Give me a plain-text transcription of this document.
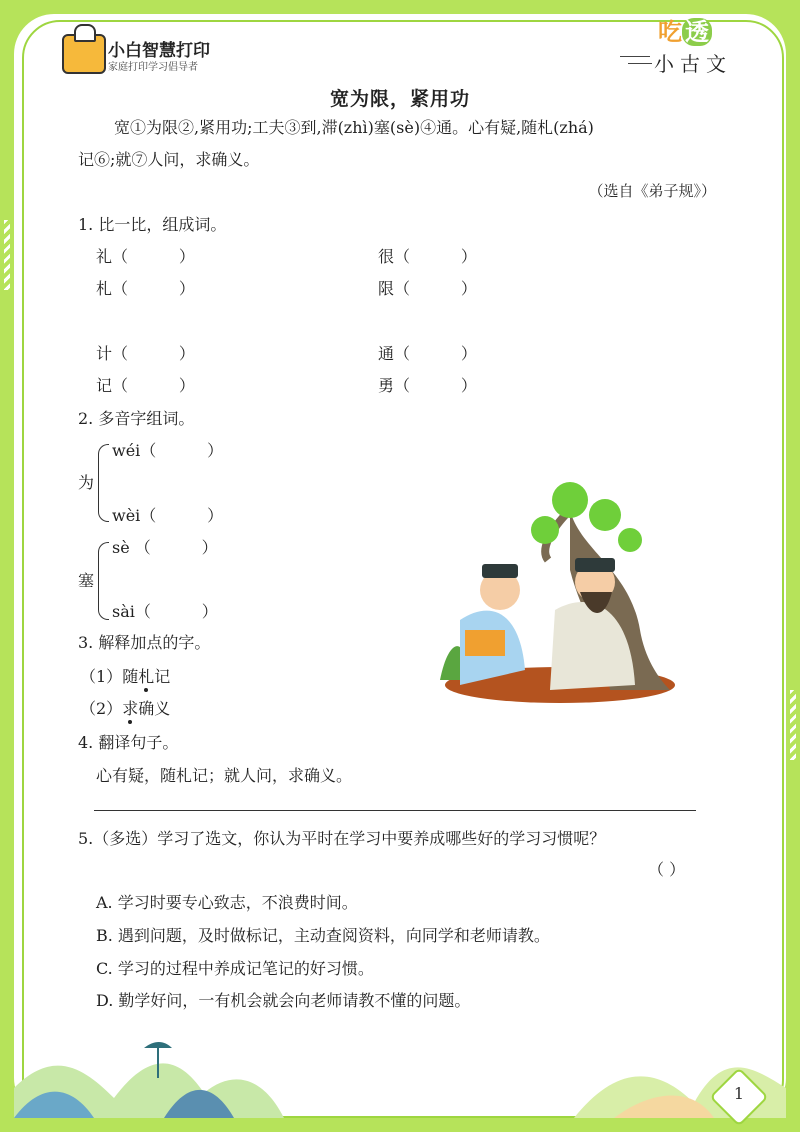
小白智慧打印
家庭打印学习倡导者
吃 透
小古文
宽为限，紧用功
宽①为限②,紧用功;工夫③到,滞(zhì)塞(sè)④通。心有疑,随札(zhá)
记⑥;就⑦人问，求确义。
（选自《弟子规》）
1. 比一比，组成词。
礼（          ）	很（          ）
札（          ）	限（          ）
计（          ）	通（          ）
记（          ）	勇（          ）
2. 多音字组词。
为
wéi（          ）
wèi（          ）
塞
sè （          ）
sài（          ）
3. 解释加点的字。
（1）随札记
（2）求确义
4. 翻译句子。
心有疑，随札记；就人问，求确义。
5.（多选）学习了选文，你认为平时在学习中要养成哪些好的学习习惯呢？
（ ）
A. 学习时要专心致志，不浪费时间。
B. 遇到问题，及时做标记，主动查阅资料，向同学和老师请教。
C. 学习的过程中养成记笔记的好习惯。
D. 勤学好问，一有机会就会向老师请教不懂的问题。
1
